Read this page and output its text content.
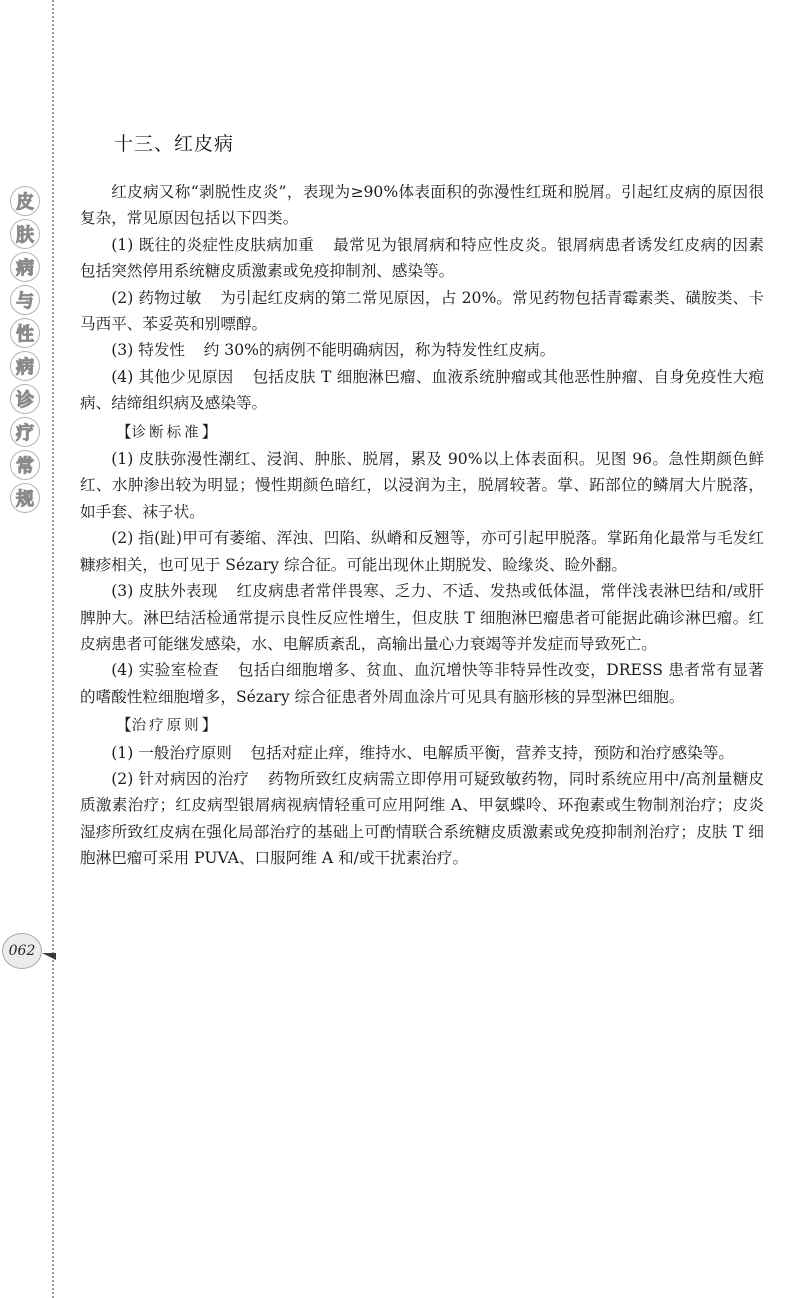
皮
肤
病
与
性
病
诊
疗
常
规
062
十三、红皮病

红皮病又称“剥脱性皮炎”，表现为≥90%体表面积的弥漫性红斑和脱屑。引起红皮病的原因很复杂，常见原因包括以下四类。

(1) 既往的炎症性皮肤病加重 最常见为银屑病和特应性皮炎。银屑病患者诱发红皮病的因素包括突然停用系统糖皮质激素或免疫抑制剂、感染等。

(2) 药物过敏 为引起红皮病的第二常见原因，占 20%。常见药物包括青霉素类、磺胺类、卡马西平、苯妥英和别嘌醇。

(3) 特发性 约 30%的病例不能明确病因，称为特发性红皮病。

(4) 其他少见原因 包括皮肤 T 细胞淋巴瘤、血液系统肿瘤或其他恶性肿瘤、自身免疫性大疱病、结缔组织病及感染等。

【诊断标准】

(1) 皮肤弥漫性潮红、浸润、肿胀、脱屑，累及 90%以上体表面积。见图 96。急性期颜色鲜红、水肿渗出较为明显；慢性期颜色暗红，以浸润为主，脱屑较著。掌、跖部位的鳞屑大片脱落，如手套、袜子状。

(2) 指(趾)甲可有萎缩、浑浊、凹陷、纵嵴和反翘等，亦可引起甲脱落。掌跖角化最常与毛发红糠疹相关，也可见于 Sézary 综合征。可能出现休止期脱发、睑缘炎、睑外翻。

(3) 皮肤外表现 红皮病患者常伴畏寒、乏力、不适、发热或低体温，常伴浅表淋巴结和/或肝脾肿大。淋巴结活检通常提示良性反应性增生，但皮肤 T 细胞淋巴瘤患者可能据此确诊淋巴瘤。红皮病患者可能继发感染，水、电解质紊乱，高输出量心力衰竭等并发症而导致死亡。

(4) 实验室检查 包括白细胞增多、贫血、血沉增快等非特异性改变，DRESS 患者常有显著的嗜酸性粒细胞增多，Sézary 综合征患者外周血涂片可见具有脑形核的异型淋巴细胞。

【治疗原则】

(1) 一般治疗原则 包括对症止痒，维持水、电解质平衡，营养支持，预防和治疗感染等。

(2) 针对病因的治疗 药物所致红皮病需立即停用可疑致敏药物，同时系统应用中/高剂量糖皮质激素治疗；红皮病型银屑病视病情轻重可应用阿维 A、甲氨蝶呤、环孢素或生物制剂治疗；皮炎湿疹所致红皮病在强化局部治疗的基础上可酌情联合系统糖皮质激素或免疫抑制剂治疗；皮肤 T 细胞淋巴瘤可采用 PUVA、口服阿维 A 和/或干扰素治疗。
